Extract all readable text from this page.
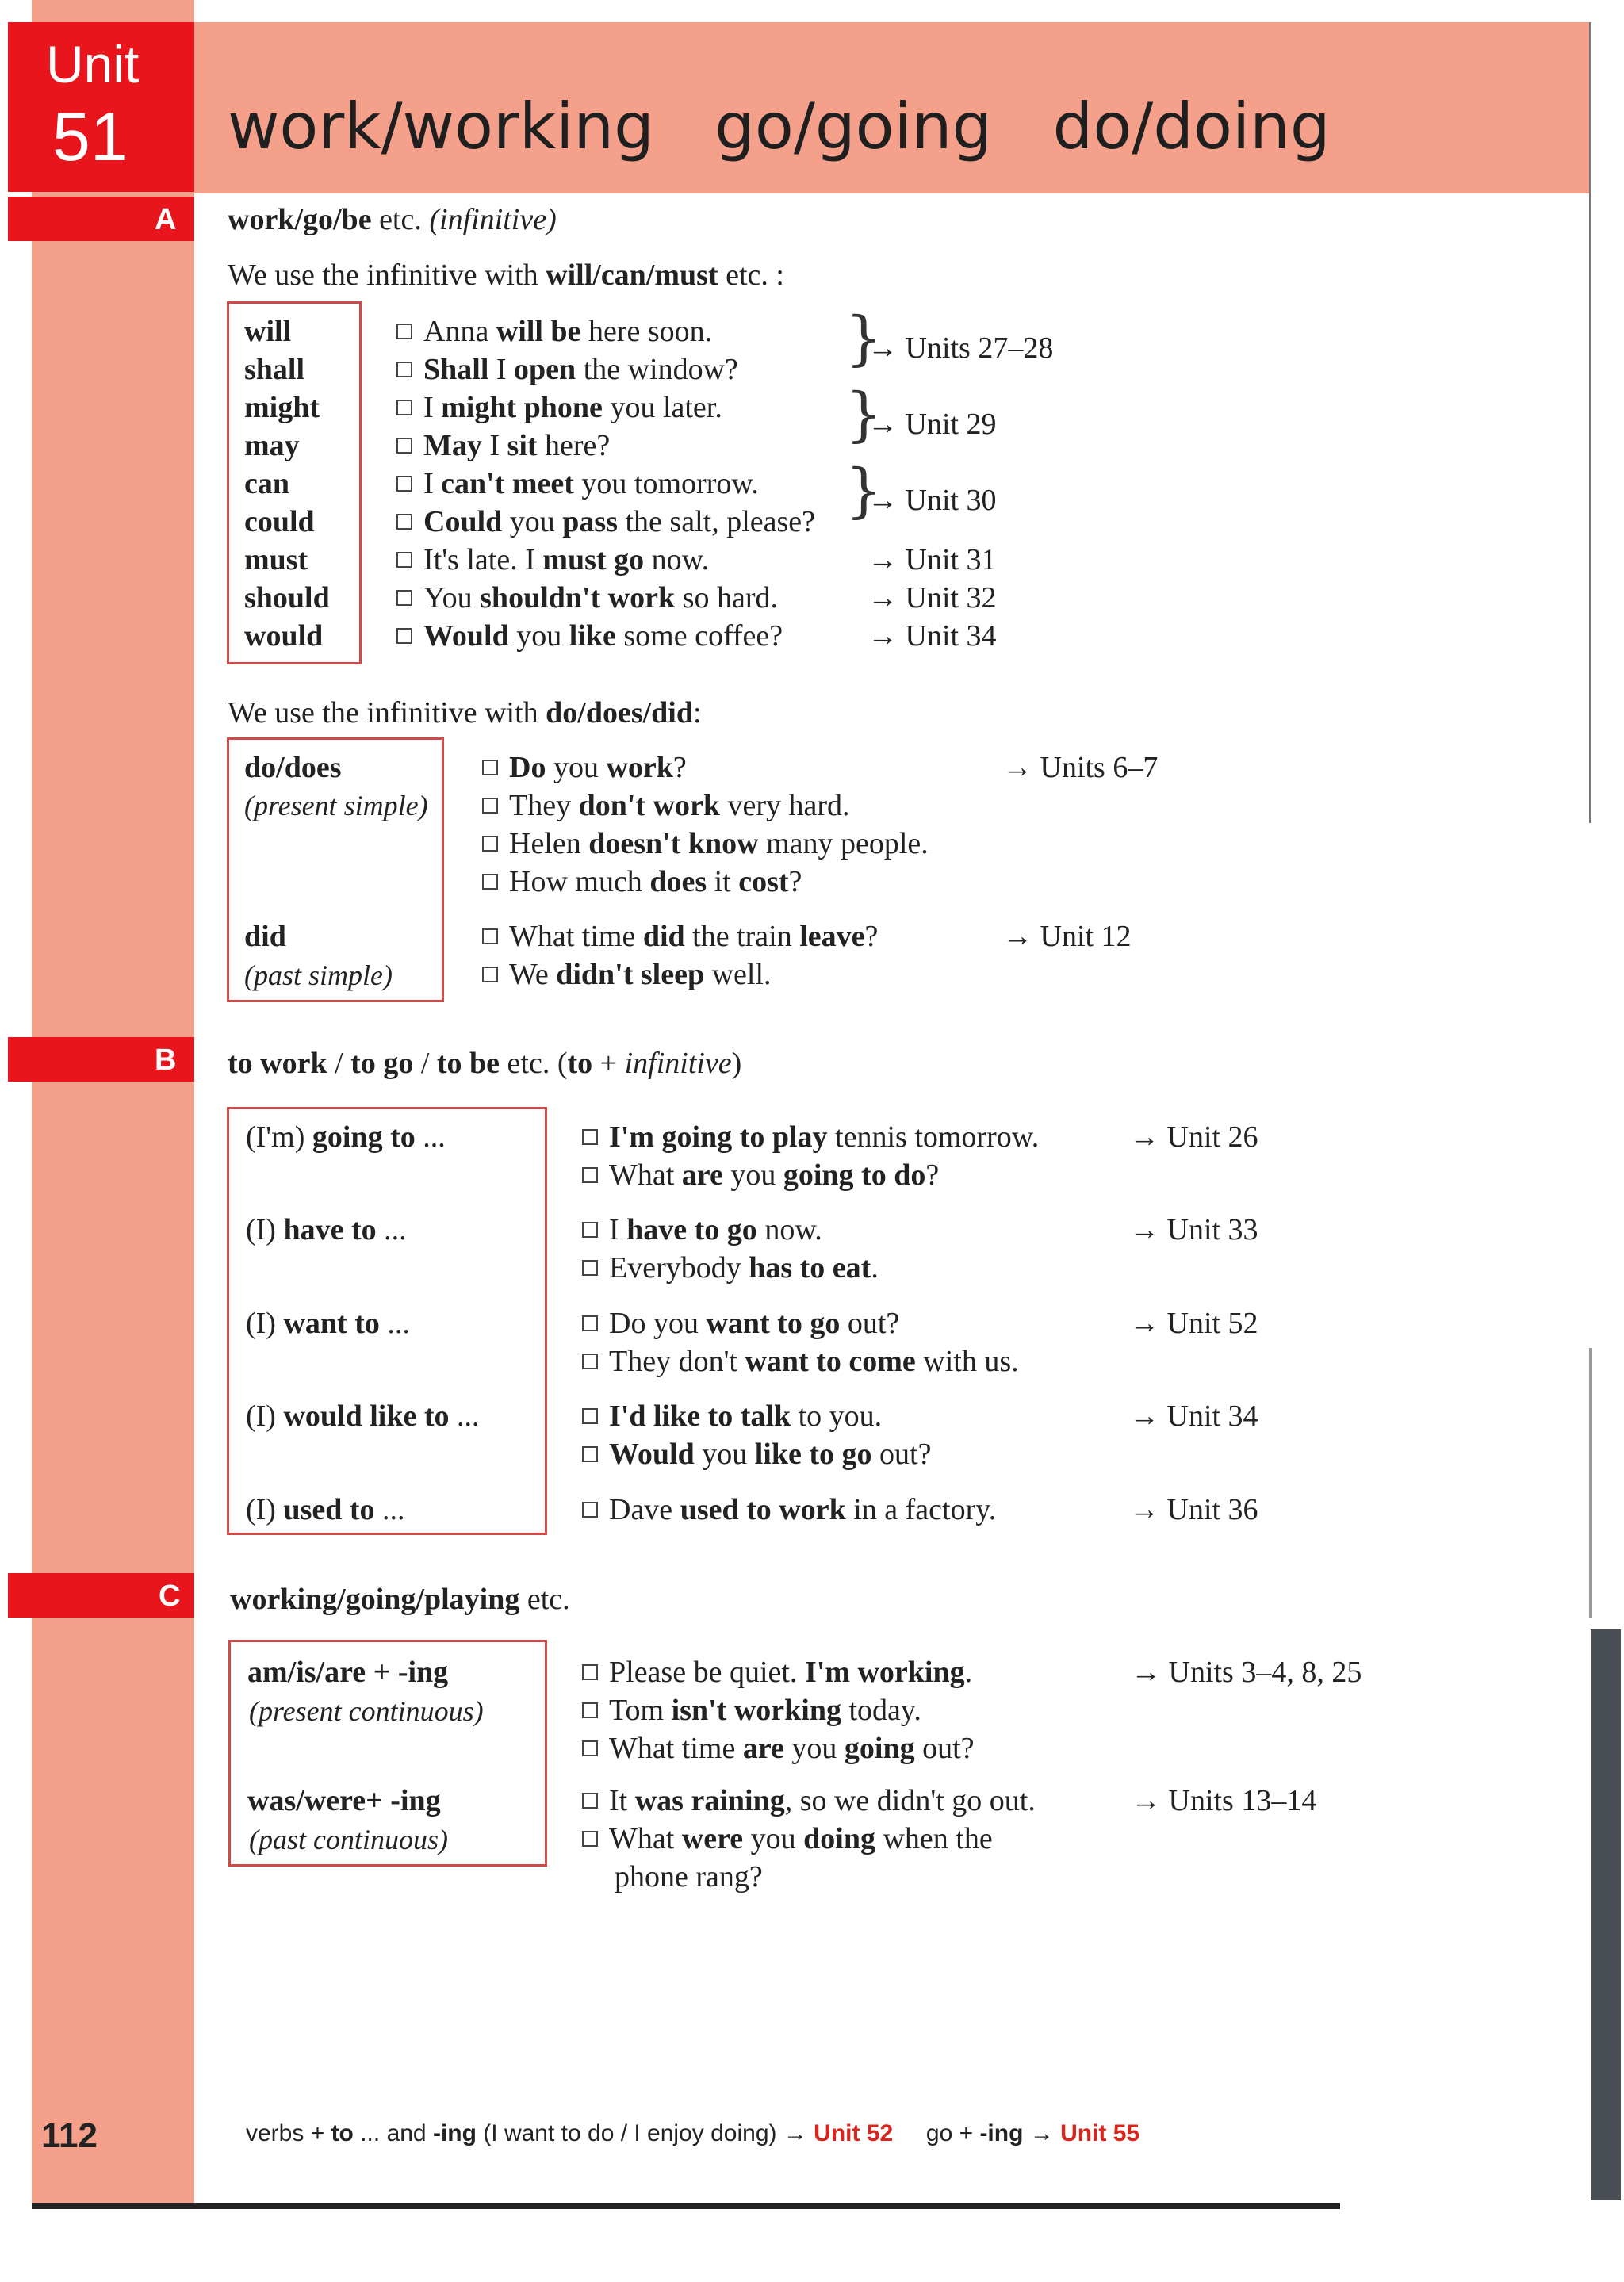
Unit
51 work/working   go/going   do/doing
A work/go/be etc. (infinitive)
We use the infinitive with will/can/must etc. :
will
shall
might
may
can
could
must
should
would
Anna will be here soon.
Shall I open the window?
I might phone you later.
May I sit here?
I can't meet you tomorrow.
Could you pass the salt, please?
It's late. I must go now.
You shouldn't work so hard.
Would you like some coffee?
}
}
}
→ Units 27–28
→ Unit 29
→ Unit 30
→ Unit 31
→ Unit 32
→ Unit 34
We use the infinitive with do/does/did:
do/does
(present simple)
did
(past simple)
Do you work?
They don't work very hard.
Helen doesn't know many people.
How much does it cost?
What time did the train leave?
We didn't sleep well.
→ Units 6–7
→ Unit 12
B to work / to go / to be etc. (to + infinitive)
(I'm) going to ...
(I) have to ...
(I) want to ...
(I) would like to ...
(I) used to ...
I'm going to play tennis tomorrow.
What are you going to do?
I have to go now.
Everybody has to eat.
Do you want to go out?
They don't want to come with us.
I'd like to talk to you.
Would you like to go out?
Dave used to work in a factory.
→ Unit 26
→ Unit 33
→ Unit 52
→ Unit 34
→ Unit 36
C working/going/playing etc.
am/is/are + -ing
(present continuous)
was/were+ -ing
(past continuous)
Please be quiet. I'm working.
Tom isn't working today.
What time are you going out?
It was raining, so we didn't go out.
What were you doing when the
phone rang?
→ Units 3–4, 8, 25
→ Units 13–14
112	verbs + to ... and -ing (I want to do / I enjoy doing) → Unit 52     go + -ing → Unit 55
